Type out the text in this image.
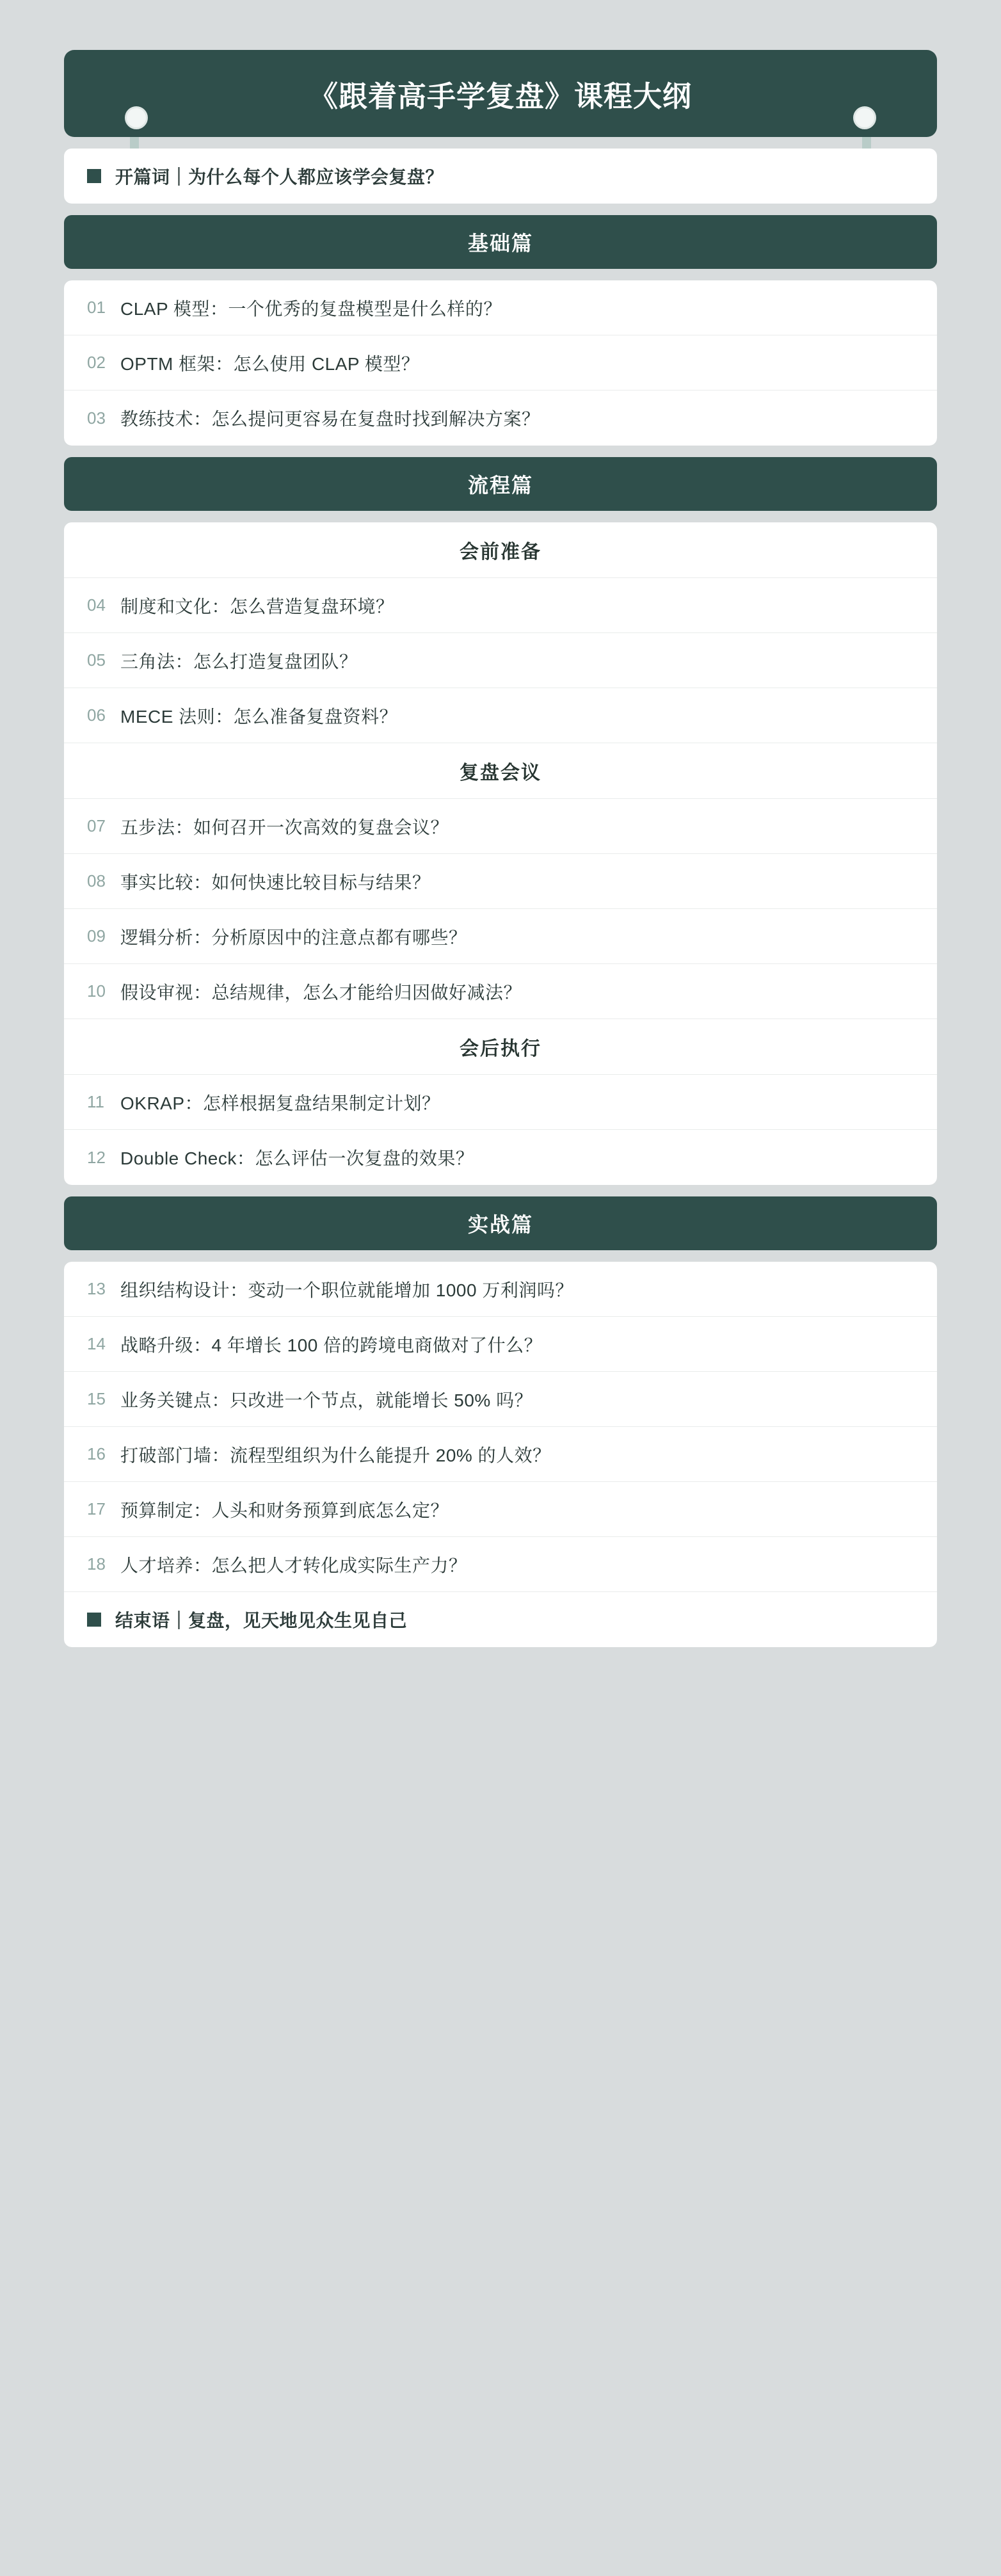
《跟着高手学复盘》课程大纲
开篇词｜为什么每个人都应该学会复盘？
基础篇
01 CLAP 模型：一个优秀的复盘模型是什么样的？
02 OPTM 框架：怎么使用 CLAP 模型？
03 教练技术：怎么提问更容易在复盘时找到解决方案？
流程篇
会前准备
04 制度和文化：怎么营造复盘环境？
05 三角法：怎么打造复盘团队？
06 MECE 法则：怎么准备复盘资料？
复盘会议
07 五步法：如何召开一次高效的复盘会议？
08 事实比较：如何快速比较目标与结果？
09 逻辑分析：分析原因中的注意点都有哪些？
10 假设审视：总结规律，怎么才能给归因做好减法？
会后执行
11 OKRAP：怎样根据复盘结果制定计划？
12 Double Check：怎么评估一次复盘的效果？
实战篇
13 组织结构设计：变动一个职位就能增加 1000 万利润吗？
14 战略升级：4 年增长 100 倍的跨境电商做对了什么？
15 业务关键点：只改进一个节点，就能增长 50% 吗？
16 打破部门墙：流程型组织为什么能提升 20% 的人效？
17 预算制定：人头和财务预算到底怎么定？
18 人才培养：怎么把人才转化成实际生产力？
结束语｜复盘，见天地见众生见自己
